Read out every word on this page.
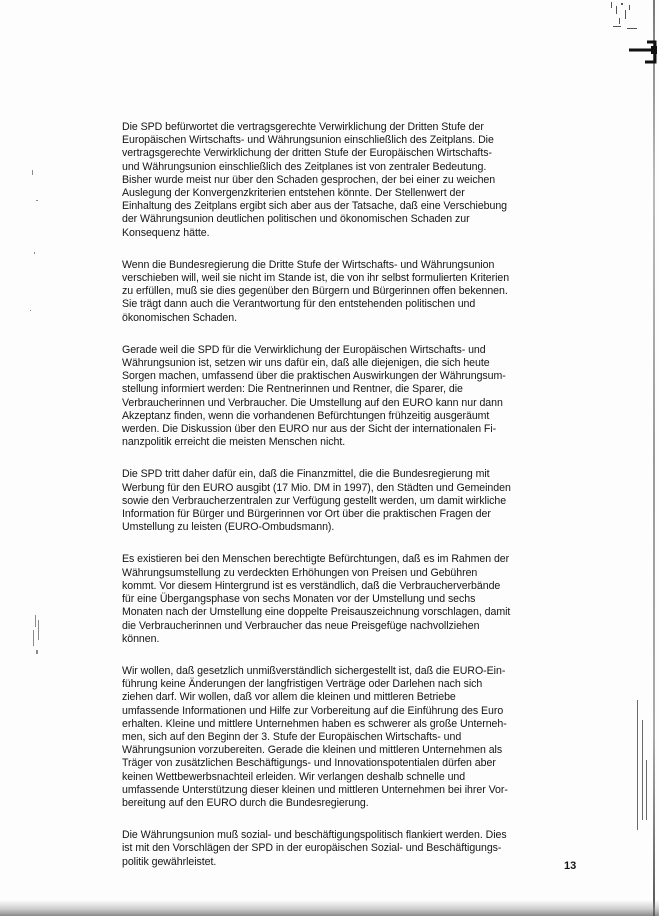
Die SPD befürwortet die vertragsgerechte Verwirklichung der Dritten Stufe der
Europäischen Wirtschafts- und Währungsunion einschließlich des Zeitplans. Die
vertragsgerechte Verwirklichung der dritten Stufe der Europäischen Wirtschafts-
und Währungsunion einschließlich des Zeitplanes ist von zentraler Bedeutung.
Bisher wurde meist nur über den Schaden gesprochen, der bei einer zu weichen
Auslegung der Konvergenzkriterien entstehen könnte. Der Stellenwert der
Einhaltung des Zeitplans ergibt sich aber aus der Tatsache, daß eine Verschiebung
der Währungsunion deutlichen politischen und ökonomischen Schaden zur
Konsequenz hätte.

Wenn die Bundesregierung die Dritte Stufe der Wirtschafts- und Währungsunion
verschieben will, weil sie nicht im Stande ist, die von ihr selbst formulierten Kriterien
zu erfüllen, muß sie dies gegenüber den Bürgern und Bürgerinnen offen bekennen.
Sie trägt dann auch die Verantwortung für den entstehenden politischen und
ökonomischen Schaden.

Gerade weil die SPD für die Verwirklichung der Europäischen Wirtschafts- und
Währungsunion ist, setzen wir uns dafür ein, daß alle diejenigen, die sich heute
Sorgen machen, umfassend über die praktischen Auswirkungen der Währungsum-
stellung informiert werden: Die Rentnerinnen und Rentner, die Sparer, die
Verbraucherinnen und Verbraucher. Die Umstellung auf den EURO kann nur dann
Akzeptanz finden, wenn die vorhandenen Befürchtungen frühzeitig ausgeräumt
werden. Die Diskussion über den EURO nur aus der Sicht der internationalen Fi-
nanzpolitik erreicht die meisten Menschen nicht.

Die SPD tritt daher dafür ein, daß die Finanzmittel, die die Bundesregierung mit
Werbung für den EURO ausgibt (17 Mio. DM in 1997), den Städten und Gemeinden
sowie den Verbraucherzentralen zur Verfügung gestellt werden, um damit wirkliche
Information für Bürger und Bürgerinnen vor Ort über die praktischen Fragen der
Umstellung zu leisten (EURO-Ombudsmann).

Es existieren bei den Menschen berechtigte Befürchtungen, daß es im Rahmen der
Währungsumstellung zu verdeckten Erhöhungen von Preisen und Gebühren
kommt. Vor diesem Hintergrund ist es verständlich, daß die Verbraucherverbände
für eine Übergangsphase von sechs Monaten vor der Umstellung und sechs
Monaten nach der Umstellung eine doppelte Preisauszeichnung vorschlagen, damit
die Verbraucherinnen und Verbraucher das neue Preisgefüge nachvollziehen
können.

Wir wollen, daß gesetzlich unmißverständlich sichergestellt ist, daß die EURO-Ein-
führung keine Änderungen der langfristigen Verträge oder Darlehen nach sich
ziehen darf. Wir wollen, daß vor allem die kleinen und mittleren Betriebe
umfassende Informationen und Hilfe zur Vorbereitung auf die Einführung des Euro
erhalten. Kleine und mittlere Unternehmen haben es schwerer als große Unterneh-
men, sich auf den Beginn der 3. Stufe der Europäischen Wirtschafts- und
Währungsunion vorzubereiten. Gerade die kleinen und mittleren Unternehmen als
Träger von zusätzlichen Beschäftigungs- und Innovationspotentialen dürfen aber
keinen Wettbewerbsnachteil erleiden. Wir verlangen deshalb schnelle und
umfassende Unterstützung dieser kleinen und mittleren Unternehmen bei ihrer Vor-
bereitung auf den EURO durch die Bundesregierung.

Die Währungsunion muß sozial- und beschäftigungspolitisch flankiert werden. Dies
ist mit den Vorschlägen der SPD in der europäischen Sozial- und Beschäftigungs-
politik gewährleistet.	13
